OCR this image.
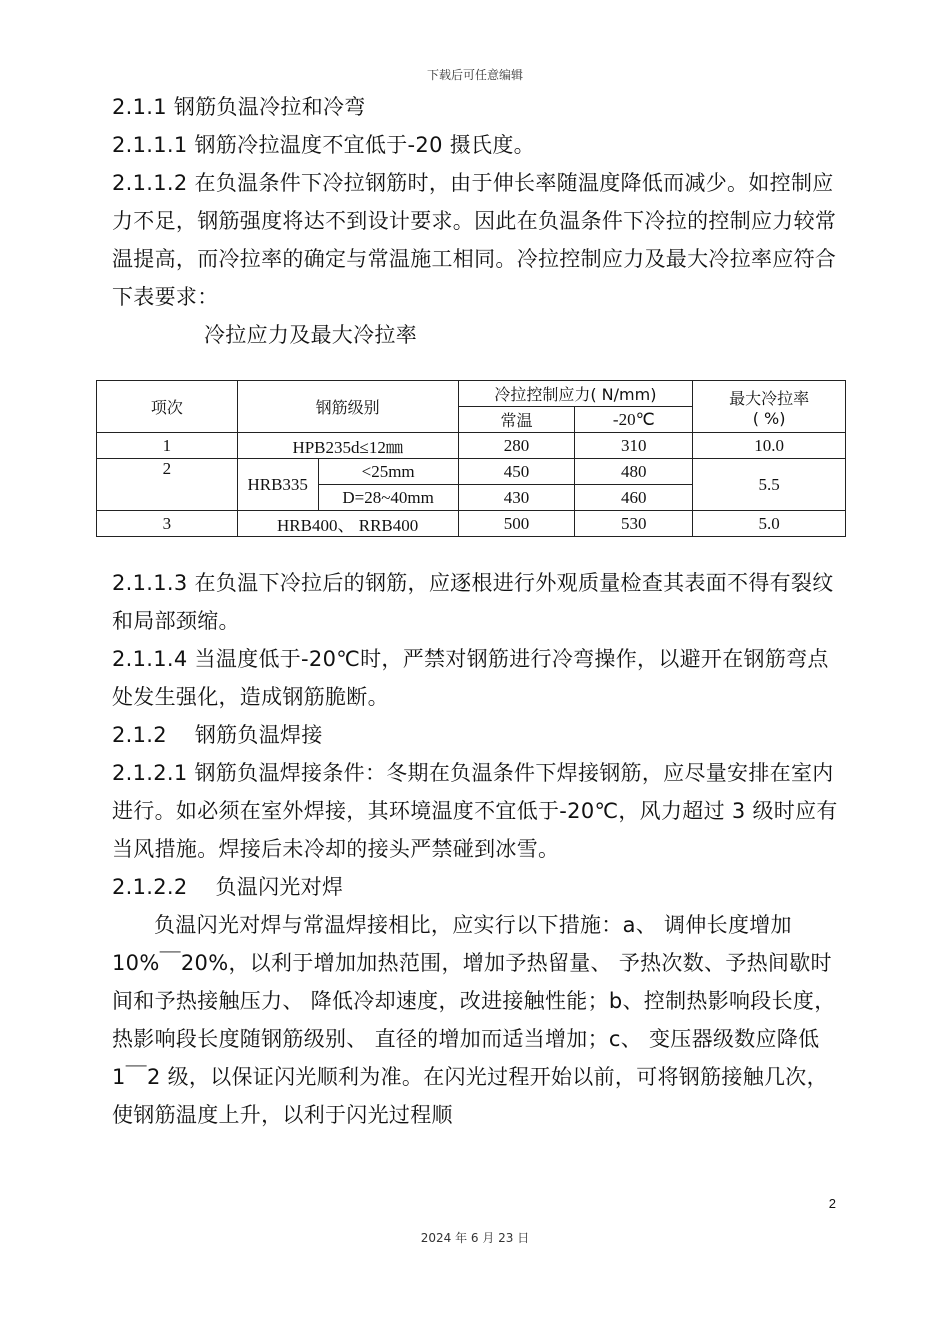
下载后可任意编辑

2.1.1 钢筋负温冷拉和冷弯

2.1.1.1 钢筋冷拉温度不宜低于-20 摄氏度。

2.1.1.2 在负温条件下冷拉钢筋时，由于伸长率随温度降低而减少。如控制应力不足，钢筋强度将达不到设计要求。因此在负温条件下冷拉的控制应力较常温提高，而冷拉率的确定与常温施工相同。冷拉控制应力及最大冷拉率应符合下表要求：

冷拉应力及最大冷拉率

项次	钢筋级别		冷拉控制应力( N/mm)		最大冷拉率
( %)

			常温	-20℃	
1	HPB235d≤12㎜		280	310	10.0
2	HRB335	<25mm	450	480	5.5
		D=28~40mm	430	460	
3	HRB400、 RRB400		500	530	5.0

2.1.1.3 在负温下冷拉后的钢筋，应逐根进行外观质量检查其表面不得有裂纹和局部颈缩。

2.1.1.4 当温度低于-20℃时，严禁对钢筋进行冷弯操作，以避开在钢筋弯点处发生强化，造成钢筋脆断。

2.1.2    钢筋负温焊接

2.1.2.1 钢筋负温焊接条件：冬期在负温条件下焊接钢筋，应尽量安排在室内进行。如必须在室外焊接，其环境温度不宜低于-20℃，风力超过 3 级时应有当风措施。焊接后未冷却的接头严禁碰到冰雪。

2.1.2.2    负温闪光对焊

负温闪光对焊与常温焊接相比，应实行以下措施：a、 调伸长度增加 10%￣20%，以利于增加加热范围，增加予热留量、 予热次数、予热间歇时间和予热接触压力、 降低冷却速度，改进接触性能；b、控制热影响段长度，热影响段长度随钢筋级别、 直径的增加而适当增加；c、 变压器级数应降低 1￣2 级，以保证闪光顺利为准。在闪光过程开始以前，可将钢筋接触几次，使钢筋温度上升，以利于闪光过程顺

2
2024 年 6 月 23 日
